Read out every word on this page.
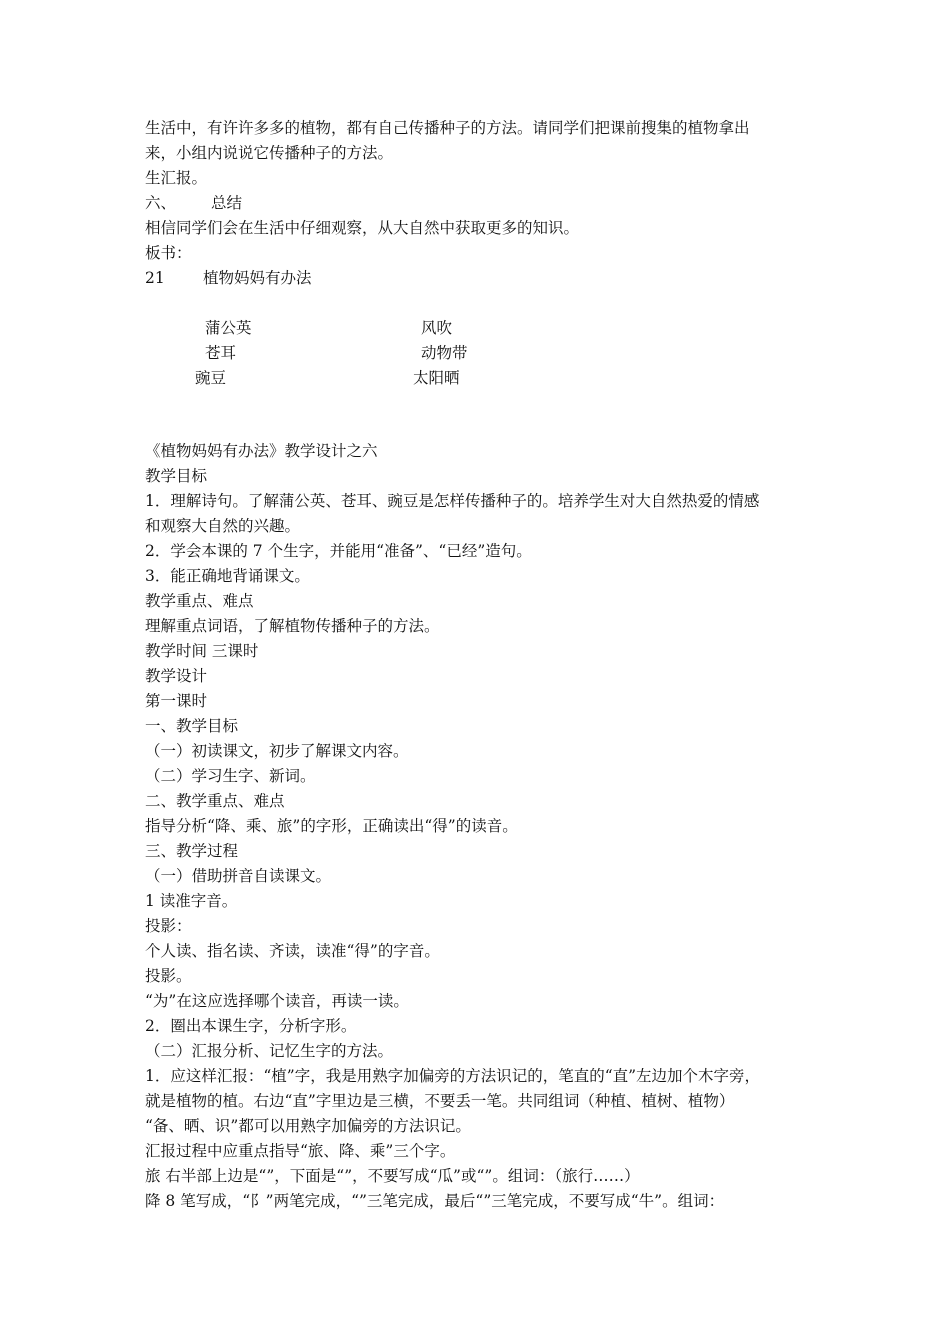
生活中，有许许多多的植物，都有自己传播种子的方法。请同学们把课前搜集的植物拿出
来，小组内说说它传播种子的方法。
生汇报。
六、 总结
相信同学们会在生活中仔细观察，从大自然中获取更多的知识。
板书：
21 植物妈妈有办法
蒲公英	风吹
苍耳	动物带
豌豆	太阳晒
《植物妈妈有办法》教学设计之六
教学目标
1．理解诗句。了解蒲公英、苍耳、豌豆是怎样传播种子的。培养学生对大自然热爱的情感
和观察大自然的兴趣。
2．学会本课的 7 个生字，并能用“准备”、“已经”造句。
3．能正确地背诵课文。
教学重点、难点
理解重点词语，了解植物传播种子的方法。
教学时间 三课时
教学设计
第一课时
一、教学目标
（一）初读课文，初步了解课文内容。
（二）学习生字、新词。
二、教学重点、难点
指导分析“降、乘、旅”的字形，正确读出“得”的读音。
三、教学过程
（一）借助拼音自读课文。
1 读准字音。
投影：
个人读、指名读、齐读，读准“得”的字音。
投影。
“为”在这应选择哪个读音，再读一读。
2．圈出本课生字，分析字形。
（二）汇报分析、记忆生字的方法。
1．应这样汇报：“植”字，我是用熟字加偏旁的方法识记的，笔直的“直”左边加个木字旁，
就是植物的植。右边“直”字里边是三横，不要丢一笔。共同组词（种植、植树、植物）
“备、晒、识”都可以用熟字加偏旁的方法识记。
汇报过程中应重点指导“旅、降、乘”三个字。
旅 右半部上边是“”，下面是“”，不要写成“瓜”或“”。组词：（旅行……）
降 8 笔写成，“阝”两笔完成，“”三笔完成，最后“”三笔完成，不要写成“牛”。组词：
